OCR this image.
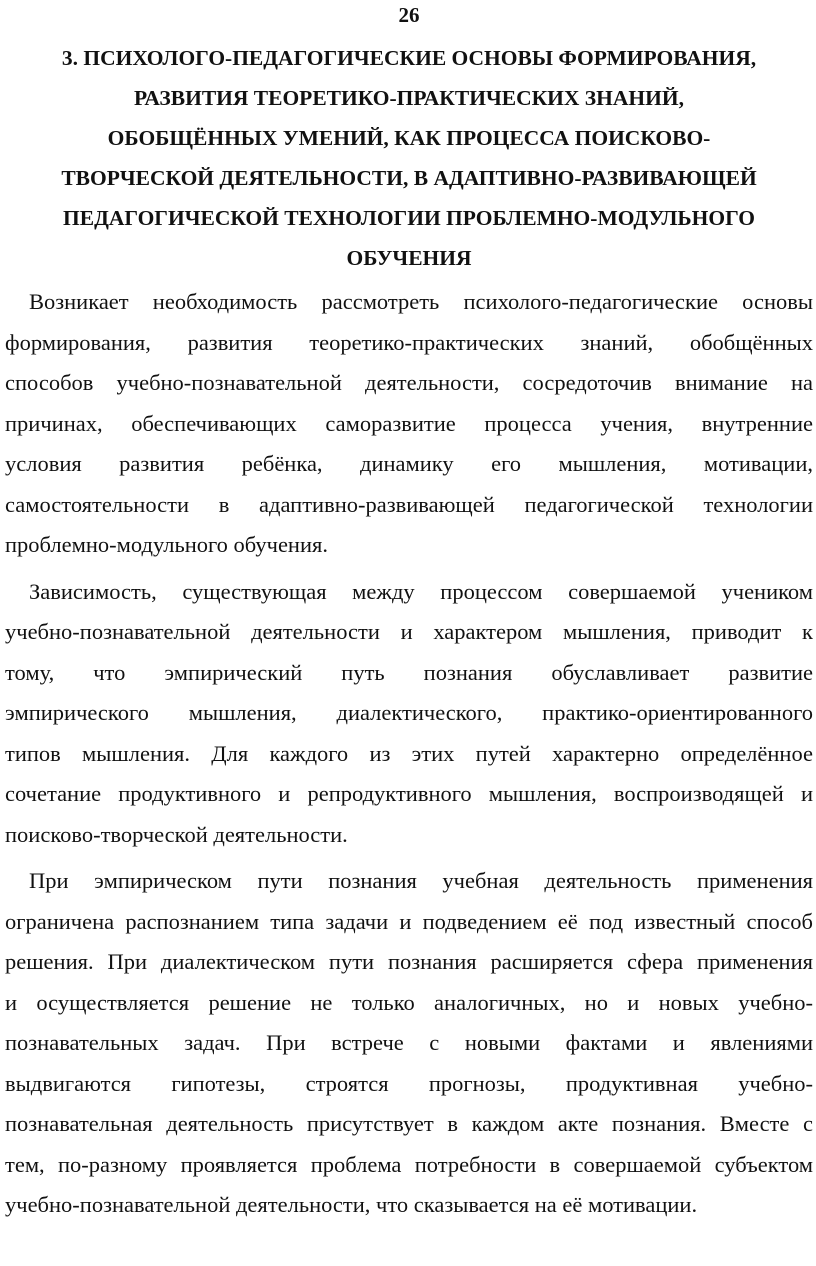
26
3. ПСИХОЛОГО-ПЕДАГОГИЧЕСКИЕ ОСНОВЫ ФОРМИРОВАНИЯ,
РАЗВИТИЯ ТЕОРЕТИКО-ПРАКТИЧЕСКИХ ЗНАНИЙ,
ОБОБЩЁННЫХ УМЕНИЙ, КАК ПРОЦЕССА ПОИСКОВО-
ТВОРЧЕСКОЙ ДЕЯТЕЛЬНОСТИ, В АДАПТИВНО-РАЗВИВАЮЩЕЙ
ПЕДАГОГИЧЕСКОЙ ТЕХНОЛОГИИ ПРОБЛЕМНО-МОДУЛЬНОГО
ОБУЧЕНИЯ

Возникает необходимость рассмотреть психолого-педагогические основы
формирования, развития теоретико-практических знаний, обобщённых
способов учебно-познавательной деятельности, сосредоточив внимание на
причинах, обеспечивающих саморазвитие процесса учения, внутренние
условия развития ребёнка, динамику его мышления, мотивации,
самостоятельности в адаптивно-развивающей педагогической технологии
проблемно-модульного обучения.

Зависимость, существующая между процессом совершаемой учеником
учебно-познавательной деятельности и характером мышления, приводит к
тому, что эмпирический путь познания обуславливает развитие
эмпирического мышления, диалектического, практико-ориентированного
типов мышления. Для каждого из этих путей характерно определённое
сочетание продуктивного и репродуктивного мышления, воспроизводящей и
поисково-творческой деятельности.

При эмпирическом пути познания учебная деятельность применения
ограничена распознанием типа задачи и подведением её под известный способ
решения. При диалектическом пути познания расширяется сфера применения
и осуществляется решение не только аналогичных, но и новых учебно-
познавательных задач. При встрече с новыми фактами и явлениями
выдвигаются гипотезы, строятся прогнозы, продуктивная учебно-
познавательная деятельность присутствует в каждом акте познания. Вместе с
тем, по-разному проявляется проблема потребности в совершаемой субъектом
учебно-познавательной деятельности, что сказывается на её мотивации.
